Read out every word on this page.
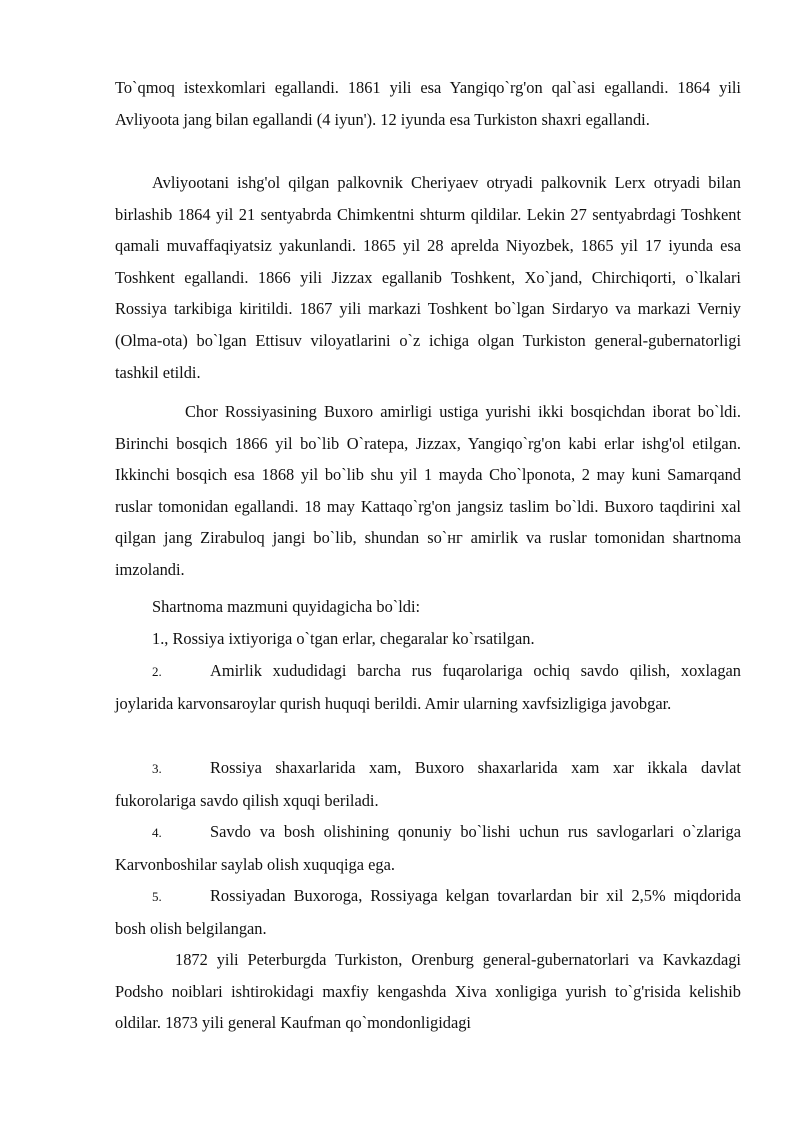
To`qmoq istexkomlari egallandi. 1861 yili esa Yangiqo`rg'on qal`asi egallandi. 1864 yili Avliyoota jang bilan egallandi (4 iyun'). 12 iyunda esa Turkiston shaxri egallandi.

Avliyootani ishg'ol qilgan palkovnik Cheriyaev otryadi palkovnik Lerx otryadi bilan birlashib 1864 yil 21 sentyabrda Chimkentni shturm qildilar. Lekin 27 sentyabrdagi Toshkent qamali muvaffaqiyatsiz yakunlandi. 1865 yil 28 aprelda Niyozbek, 1865 yil 17 iyunda esa Toshkent egallandi. 1866 yili Jizzax egallanib Toshkent, Xo`jand, Chirchiqorti, o`lkalari Rossiya tarkibiga kiritildi. 1867 yili markazi Toshkent bo`lgan Sirdaryo va markazi Verniy (Olma-ota) bo`lgan Ettisuv viloyatlarini o`z ichiga olgan Turkiston general-gubernatorligi tashkil etildi.

Chor Rossiyasining Buxoro amirligi ustiga yurishi ikki bosqichdan iborat bo`ldi. Birinchi bosqich 1866 yil bo`lib O`ratepa, Jizzax, Yangiqo`rg'on kabi erlar ishg'ol etilgan. Ikkinchi bosqich esa 1868 yil bo`lib shu yil 1 mayda Cho`lponota, 2 may kuni Samarqand ruslar tomonidan egallandi. 18 may Kattaqo`rg'on jangsiz taslim bo`ldi. Buxoro taqdirini xal qilgan jang Zirabuloq jangi bo`lib, shundan so`нг amirlik va ruslar tomonidan shartnoma imzolandi.

Shartnoma mazmuni quyidagicha bo`ldi:

1., Rossiya ixtiyoriga o`tgan erlar, chegaralar ko`rsatilgan.

2.	Amirlik xududidagi barcha rus fuqarolariga ochiq savdo qilish, xoxlagan joylarida karvonsaroylar qurish huquqi berildi. Amir ularning xavfsizligiga javobgar.

3.	Rossiya shaxarlarida xam, Buxoro shaxarlarida xam xar ikkala davlat fukorolariga savdo qilish xquqi beriladi.

4.	Savdo va bosh olishining qonuniy bo`lishi uchun rus savlogarlari o`zlariga Karvonboshilar saylab olish xuquqiga ega.

5.	Rossiyadan Buxoroga, Rossiyaga kelgan tovarlardan bir xil 2,5% miqdorida bosh olish belgilangan.

1872 yili Peterburgda Turkiston, Orenburg general-gubernatorlari va Kavkazdagi Podsho noiblari ishtirokidagi maxfiy kengashda Xiva xonligiga yurish to`g'risida kelishib oldilar. 1873 yili general Kaufman qo`mondonligidagi
